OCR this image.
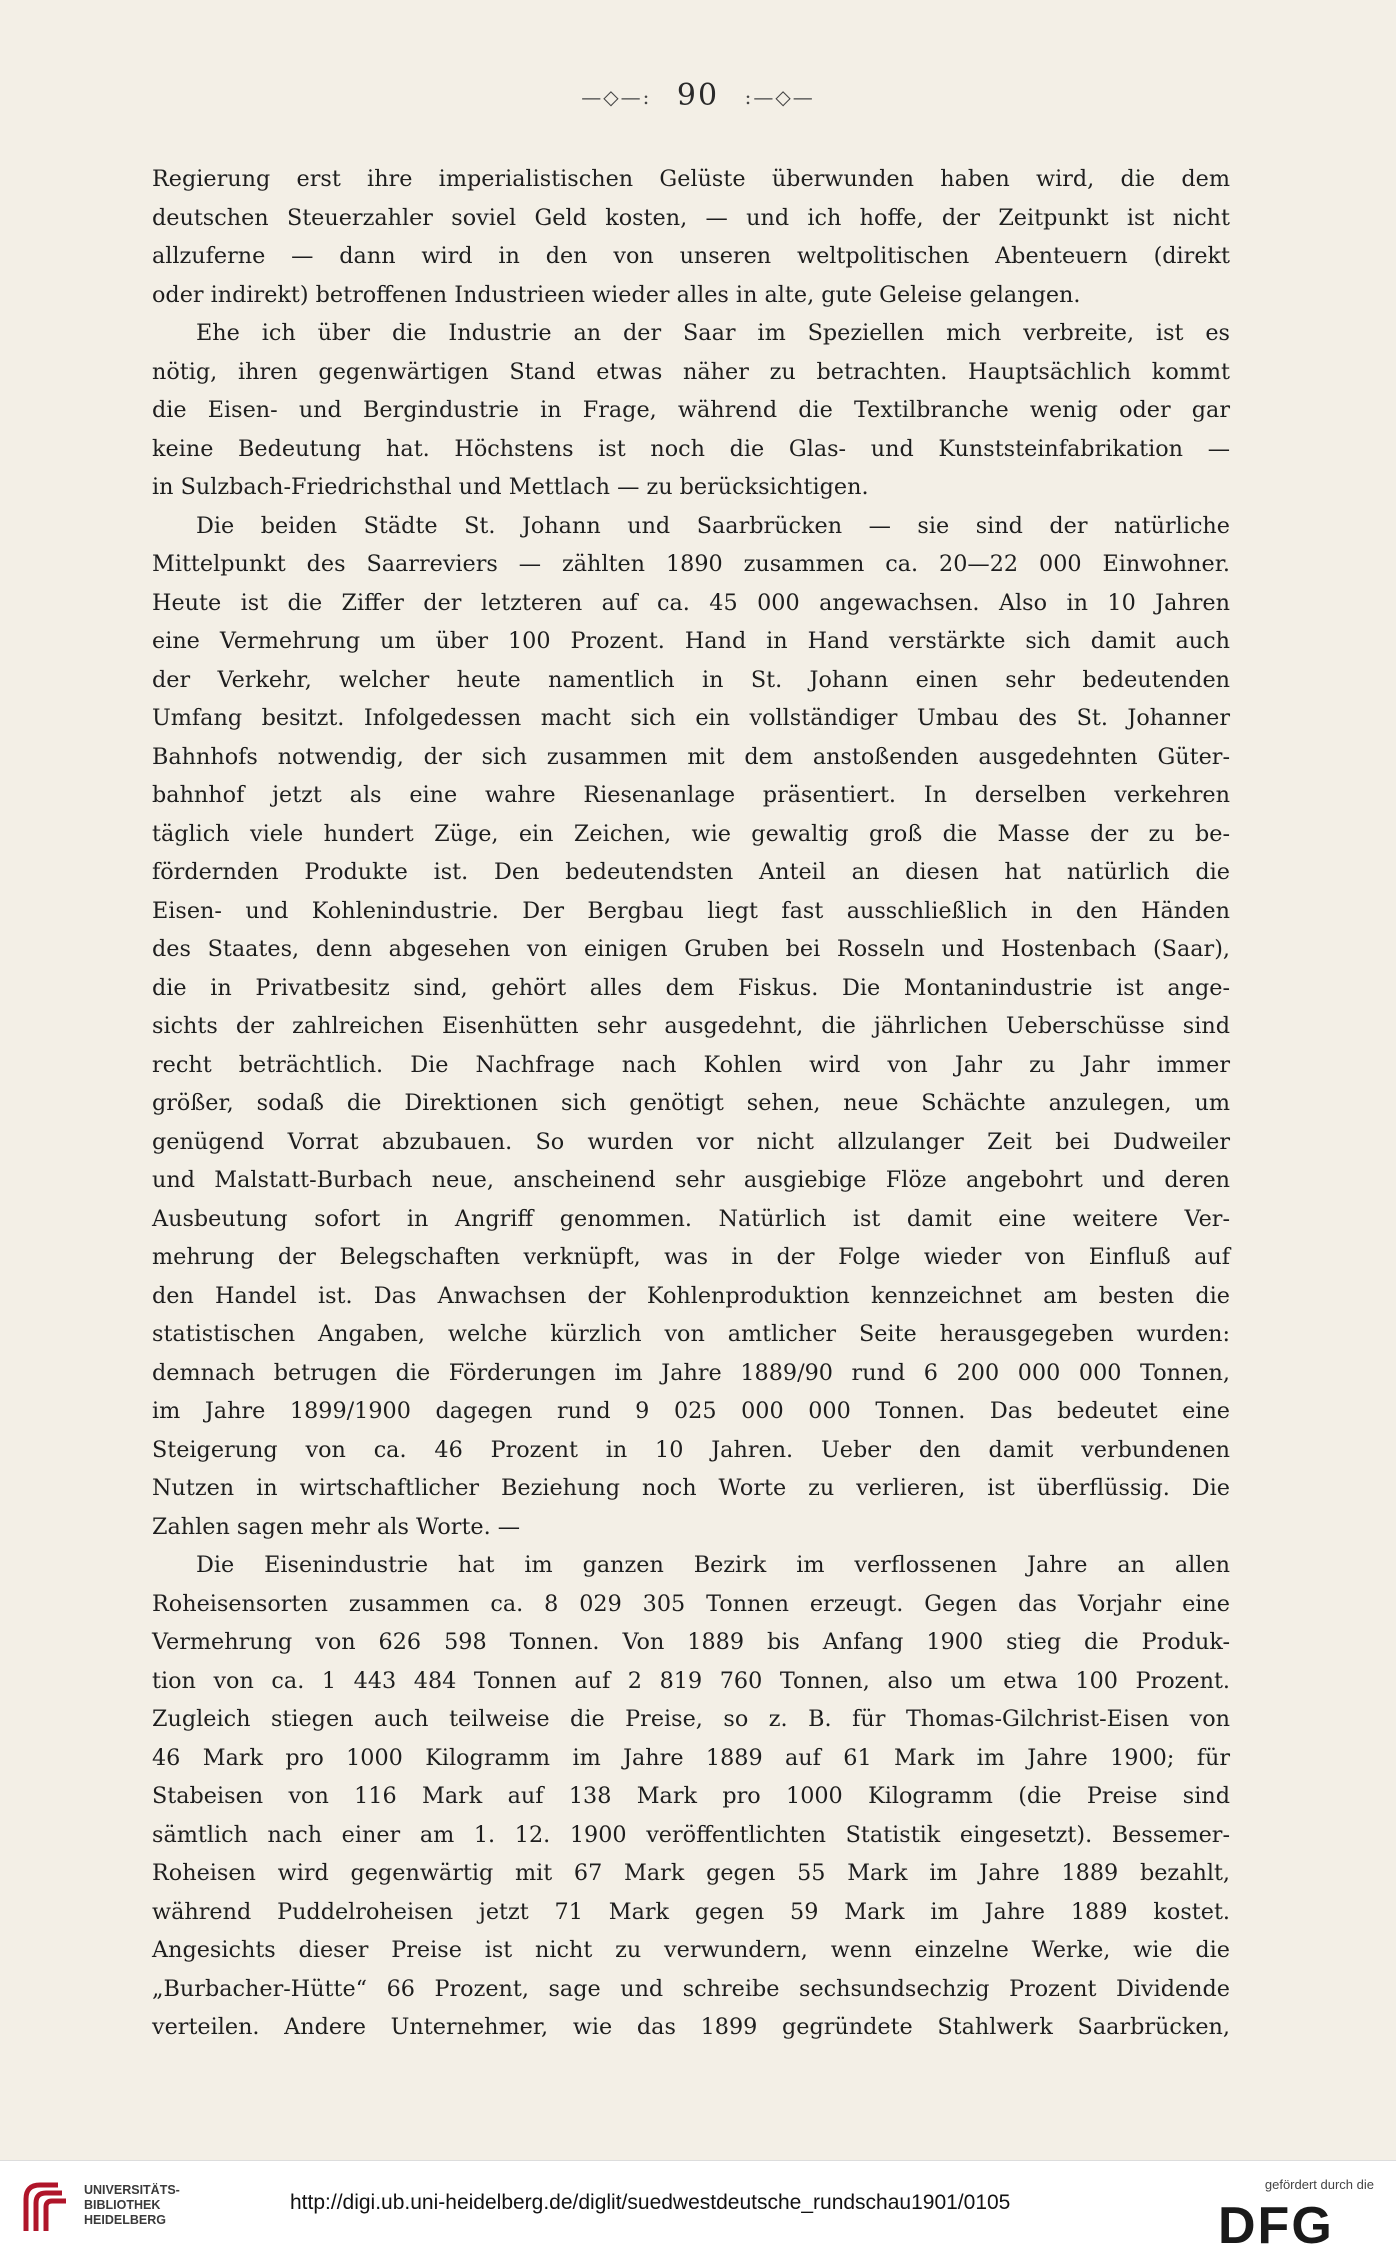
—◇—: 90 :—◇—

Regierung erst ihre imperialistischen Gelüste überwunden haben wird, die dem
deutschen Steuerzahler soviel Geld kosten, — und ich hoffe, der Zeitpunkt ist nicht
allzuferne — dann wird in den von unseren weltpolitischen Abenteuern (direkt
oder indirekt) betroffenen Industrieen wieder alles in alte, gute Geleise gelangen.

Ehe ich über die Industrie an der Saar im Speziellen mich verbreite, ist es
nötig, ihren gegenwärtigen Stand etwas näher zu betrachten. Hauptsächlich kommt
die Eisen- und Bergindustrie in Frage, während die Textilbranche wenig oder gar
keine Bedeutung hat. Höchstens ist noch die Glas- und Kunststeinfabrikation —
in Sulzbach-Friedrichsthal und Mettlach — zu berücksichtigen.

Die beiden Städte St. Johann und Saarbrücken — sie sind der natürliche
Mittelpunkt des Saarreviers — zählten 1890 zusammen ca. 20—22 000 Einwohner.
Heute ist die Ziffer der letzteren auf ca. 45 000 angewachsen. Also in 10 Jahren
eine Vermehrung um über 100 Prozent. Hand in Hand verstärkte sich damit auch
der Verkehr, welcher heute namentlich in St. Johann einen sehr bedeutenden
Umfang besitzt. Infolgedessen macht sich ein vollständiger Umbau des St. Johanner
Bahnhofs notwendig, der sich zusammen mit dem anstoßenden ausgedehnten Güter-
bahnhof jetzt als eine wahre Riesenanlage präsentiert. In derselben verkehren
täglich viele hundert Züge, ein Zeichen, wie gewaltig groß die Masse der zu be-
fördernden Produkte ist. Den bedeutendsten Anteil an diesen hat natürlich die
Eisen- und Kohlenindustrie. Der Bergbau liegt fast ausschließlich in den Händen
des Staates, denn abgesehen von einigen Gruben bei Rosseln und Hostenbach (Saar),
die in Privatbesitz sind, gehört alles dem Fiskus. Die Montanindustrie ist ange-
sichts der zahlreichen Eisenhütten sehr ausgedehnt, die jährlichen Ueberschüsse sind
recht beträchtlich. Die Nachfrage nach Kohlen wird von Jahr zu Jahr immer
größer, sodaß die Direktionen sich genötigt sehen, neue Schächte anzulegen, um
genügend Vorrat abzubauen. So wurden vor nicht allzulanger Zeit bei Dudweiler
und Malstatt-Burbach neue, anscheinend sehr ausgiebige Flöze angebohrt und deren
Ausbeutung sofort in Angriff genommen. Natürlich ist damit eine weitere Ver-
mehrung der Belegschaften verknüpft, was in der Folge wieder von Einfluß auf
den Handel ist. Das Anwachsen der Kohlenproduktion kennzeichnet am besten die
statistischen Angaben, welche kürzlich von amtlicher Seite herausgegeben wurden:
demnach betrugen die Förderungen im Jahre 1889/90 rund 6 200 000 000 Tonnen,
im Jahre 1899/1900 dagegen rund 9 025 000 000 Tonnen. Das bedeutet eine
Steigerung von ca. 46 Prozent in 10 Jahren. Ueber den damit verbundenen
Nutzen in wirtschaftlicher Beziehung noch Worte zu verlieren, ist überflüssig. Die
Zahlen sagen mehr als Worte. —

Die Eisenindustrie hat im ganzen Bezirk im verflossenen Jahre an allen
Roheisensorten zusammen ca. 8 029 305 Tonnen erzeugt. Gegen das Vorjahr eine
Vermehrung von 626 598 Tonnen. Von 1889 bis Anfang 1900 stieg die Produk-
tion von ca. 1 443 484 Tonnen auf 2 819 760 Tonnen, also um etwa 100 Prozent.
Zugleich stiegen auch teilweise die Preise, so z. B. für Thomas-Gilchrist-Eisen von
46 Mark pro 1000 Kilogramm im Jahre 1889 auf 61 Mark im Jahre 1900; für
Stabeisen von 116 Mark auf 138 Mark pro 1000 Kilogramm (die Preise sind
sämtlich nach einer am 1. 12. 1900 veröffentlichten Statistik eingesetzt). Bessemer-
Roheisen wird gegenwärtig mit 67 Mark gegen 55 Mark im Jahre 1889 bezahlt,
während Puddelroheisen jetzt 71 Mark gegen 59 Mark im Jahre 1889 kostet.
Angesichts dieser Preise ist nicht zu verwundern, wenn einzelne Werke, wie die
„Burbacher-Hütte“ 66 Prozent, sage und schreibe sechsundsechzig Prozent Dividende
verteilen. Andere Unternehmer, wie das 1899 gegründete Stahlwerk Saarbrücken,

UNIVERSITÄTS-
BIBLIOTHEK
HEIDELBERG
http://digi.ub.uni-heidelberg.de/diglit/suedwestdeutsche_rundschau1901/0105
gefördert durch die
DFG
